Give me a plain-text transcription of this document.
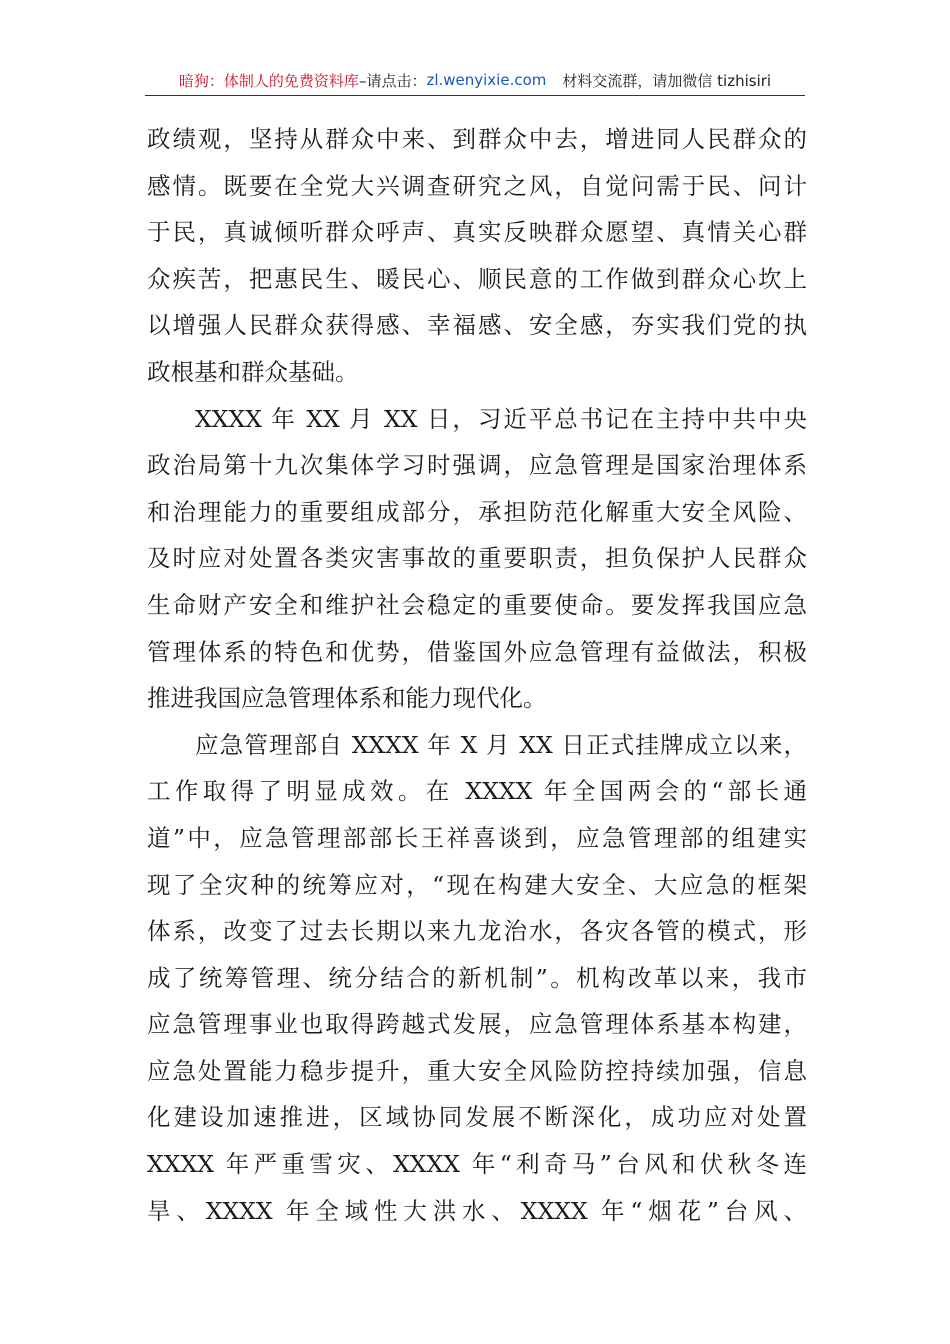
暗狗：体制人的免费资料库 –请点击： zl.wenyixie.com 材料交流群，请加微信 tizhisiri
政绩观，坚持从群众中来、到群众中去，增进同人民群众的
感情。既要在全党大兴调查研究之风，自觉问需于民、问计
于民，真诚倾听群众呼声、真实反映群众愿望、真情关心群
众疾苦，把惠民生、暖民心、顺民意的工作做到群众心坎上
以增强人民群众获得感、幸福感、安全感，夯实我们党的执
政根基和群众基础。
XXXX 年 XX 月 XX 日，习近平总书记在主持中共中央
政治局第十九次集体学习时强调，应急管理是国家治理体系
和治理能力的重要组成部分，承担防范化解重大安全风险、
及时应对处置各类灾害事故的重要职责，担负保护人民群众
生命财产安全和维护社会稳定的重要使命。要发挥我国应急
管理体系的特色和优势，借鉴国外应急管理有益做法，积极
推进我国应急管理体系和能力现代化。
应急管理部自 XXXX 年 X 月 XX 日正式挂牌成立以来，
工作取得了明显成效。在 XXXX 年全国两会的“部长通
道”中，应急管理部部长王祥喜谈到，应急管理部的组建实
现了全灾种的统筹应对，“现在构建大安全、大应急的框架
体系，改变了过去长期以来九龙治水，各灾各管的模式，形
成了统筹管理、统分结合的新机制”。机构改革以来，我市
应急管理事业也取得跨越式发展，应急管理体系基本构建，
应急处置能力稳步提升，重大安全风险防控持续加强，信息
化建设加速推进，区域协同发展不断深化，成功应对处置
XXXX 年严重雪灾、XXXX 年“利奇马”台风和伏秋冬连
旱、XXXX 年全域性大洪水、XXXX 年“烟花”台风、
